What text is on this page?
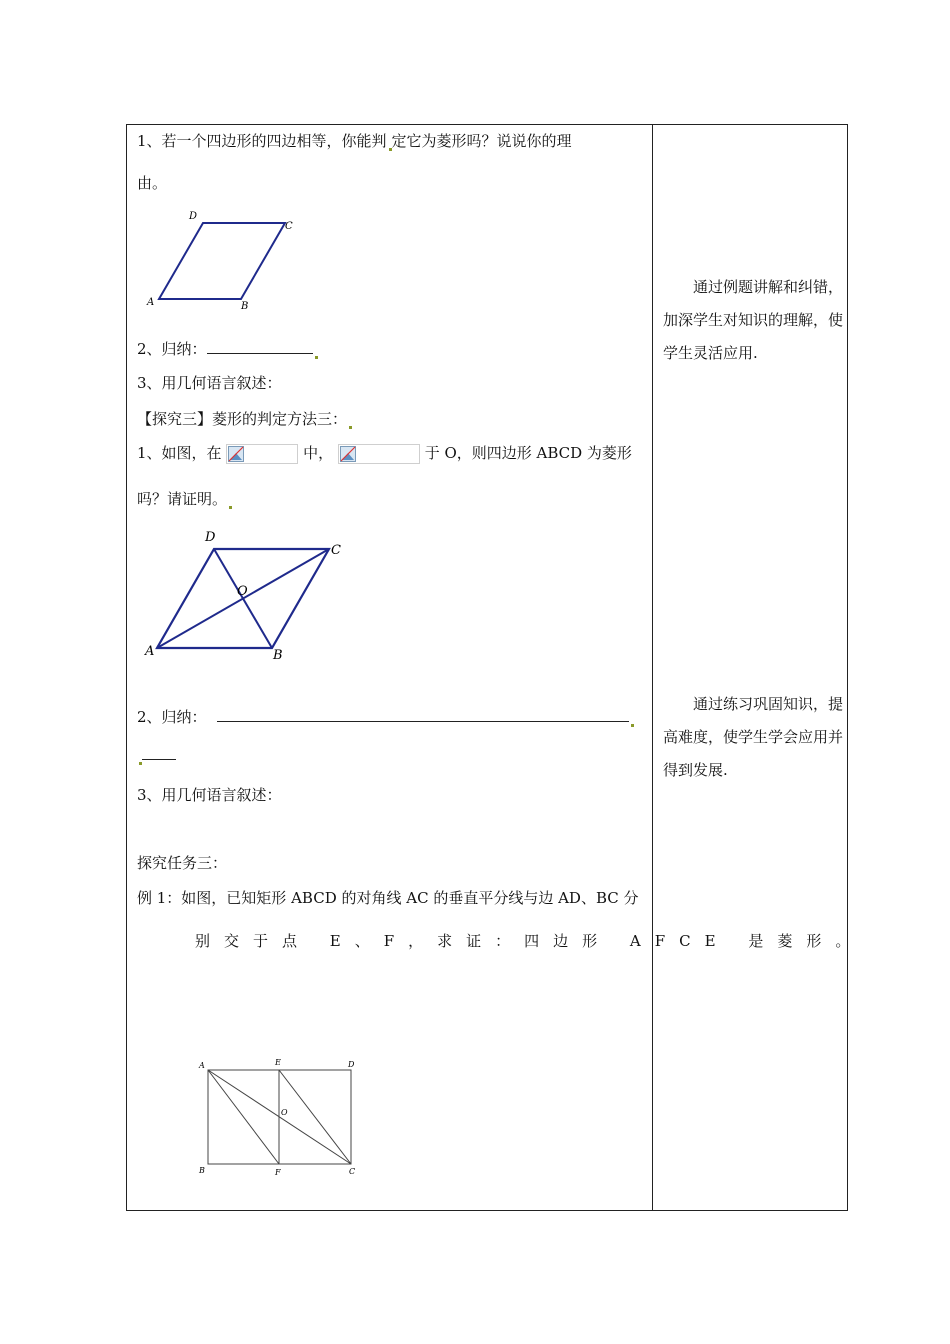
1、若一个四边形的四边相等，你能判 定它为菱形吗？说说你的理
由。
A	B
C
D
2、归纳：
3、用几何语言叙述：
【探究三】菱形的判定方法三：
1、如图，在	中，	于 O，则四边形 ABCD 为菱形
吗？请证明。
A	B
C
D
O
2、归纳：
3、用几何语言叙述：
探究任务三：
例 1：如图，已知矩形 ABCD 的对角线 AC 的垂直平分线与边 AD、BC 分
别交于点 E、F，求证：四边形 AFCE 是菱形。
A
B	C
D
E
F
O
通过例题讲解和纠错，加深学生对知识的理解，使学生灵活应用.
通过练习巩固知识，提高难度，使学生学会应用并得到发展.
